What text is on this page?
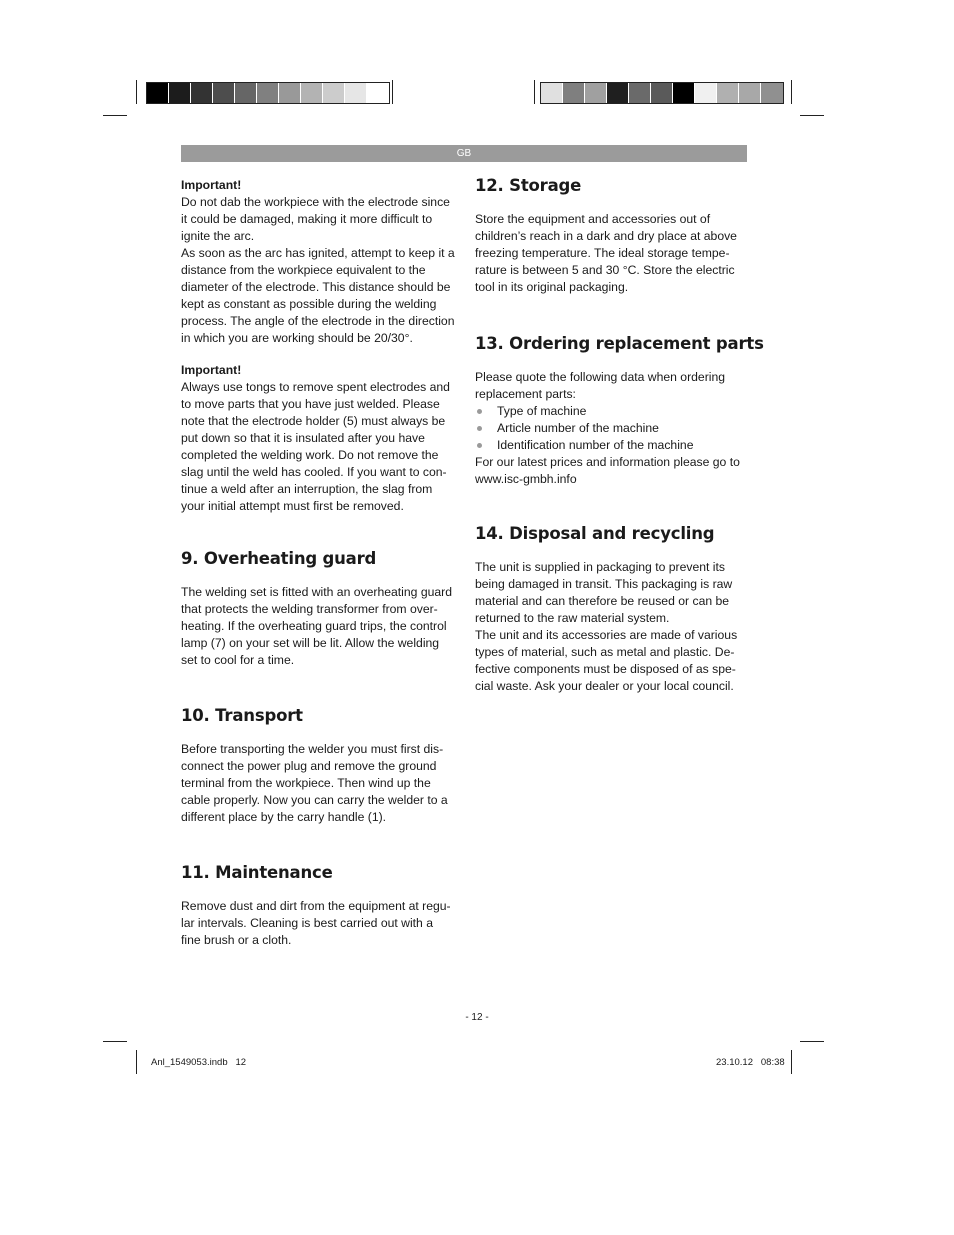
GB

Important!

Do not dab the workpiece with the electrode since it could be damaged, making it more difficult to ignite the arc.

As soon as the arc has ignited, attempt to keep it a distance from the workpiece equivalent to the diameter of the electrode. This distance should be kept as constant as possible during the welding process. The angle of the electrode in the direction in which you are working should be 20/30°.

Important!

Always use tongs to remove spent electrodes and to move parts that you have just welded. Please note that the electrode holder (5) must always be put down so that it is insulated after you have completed the welding work. Do not remove the slag until the weld has cooled. If you want to con-tinue a weld after an interruption, the slag from your initial attempt must first be removed.

9. Overheating guard

The welding set is fitted with an overheating guard that protects the welding transformer from over-heating. If the overheating guard trips, the control lamp (7) on your set will be lit. Allow the welding set to cool for a time.

10. Transport

Before transporting the welder you must first dis-connect the power plug and remove the ground terminal from the workpiece. Then wind up the cable properly. Now you can carry the welder to a different place by the carry handle (1).

11. Maintenance

Remove dust and dirt from the equipment at regu-lar intervals. Cleaning is best carried out with a fine brush or a cloth.

12. Storage

Store the equipment and accessories out of children’s reach in a dark and dry place at above freezing temperature. The ideal storage tempe-rature is between 5 and 30 °C. Store the electric tool in its original packaging.

13. Ordering replacement parts

Please quote the following data when ordering replacement parts:

Type of machine
Article number of the machine
Identification number of the machine

For our latest prices and information please go to www.isc-gmbh.info

14. Disposal and recycling

The unit is supplied in packaging to prevent its being damaged in transit. This packaging is raw material and can therefore be reused or can be returned to the raw material system.

The unit and its accessories are made of various types of material, such as metal and plastic. De-fective components must be disposed of as spe-cial waste. Ask your dealer or your local council.

- 12 -
Anl_1549053.indb   12	23.10.12   08:38
